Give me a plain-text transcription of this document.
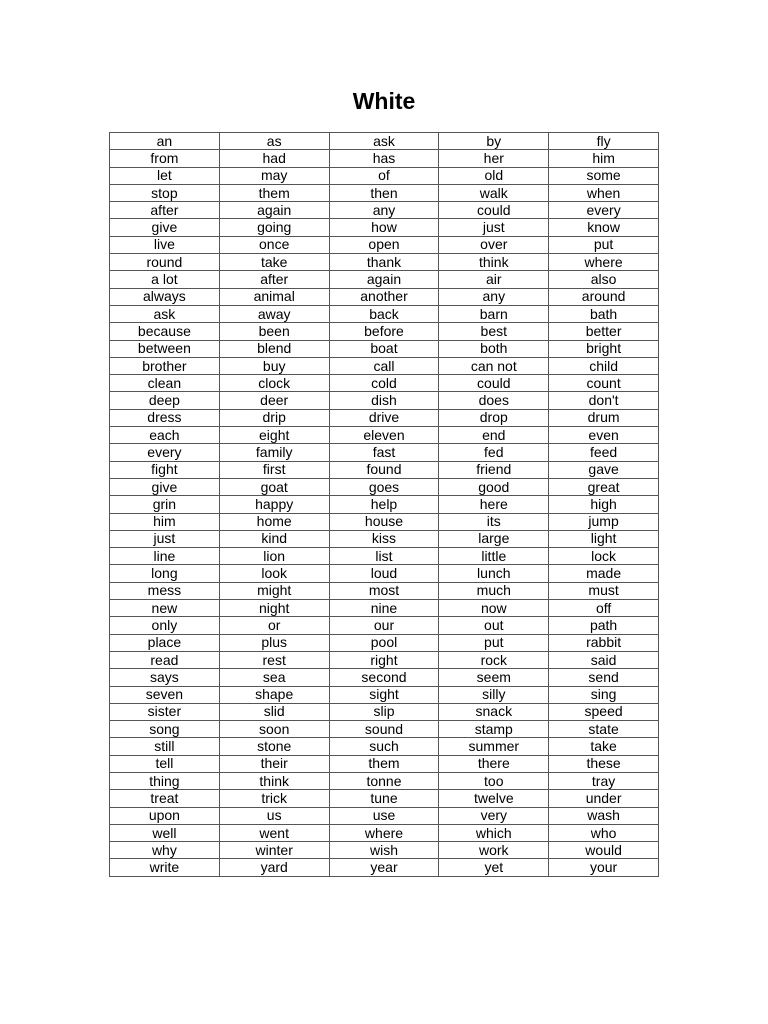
White
an	as	ask	by	fly
from	had	has	her	him
let	may	of	old	some
stop	them	then	walk	when
after	again	any	could	every
give	going	how	just	know
live	once	open	over	put
round	take	thank	think	where
a lot	after	again	air	also
always	animal	another	any	around
ask	away	back	barn	bath
because	been	before	best	better
between	blend	boat	both	bright
brother	buy	call	can not	child
clean	clock	cold	could	count
deep	deer	dish	does	don't
dress	drip	drive	drop	drum
each	eight	eleven	end	even
every	family	fast	fed	feed
fight	first	found	friend	gave
give	goat	goes	good	great
grin	happy	help	here	high
him	home	house	its	jump
just	kind	kiss	large	light
line	lion	list	little	lock
long	look	loud	lunch	made
mess	might	most	much	must
new	night	nine	now	off
only	or	our	out	path
place	plus	pool	put	rabbit
read	rest	right	rock	said
says	sea	second	seem	send
seven	shape	sight	silly	sing
sister	slid	slip	snack	speed
song	soon	sound	stamp	state
still	stone	such	summer	take
tell	their	them	there	these
thing	think	tonne	too	tray
treat	trick	tune	twelve	under
upon	us	use	very	wash
well	went	where	which	who
why	winter	wish	work	would
write	yard	year	yet	your
